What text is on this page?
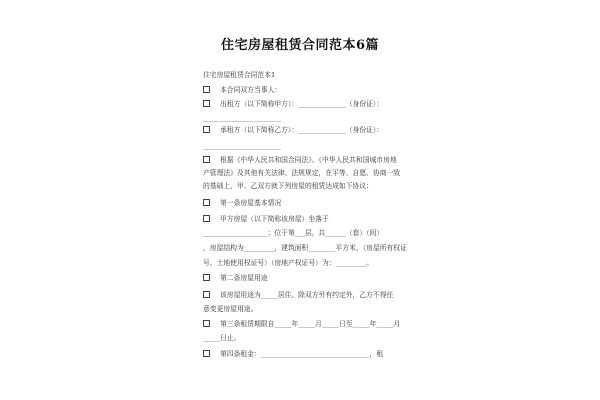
住宅房屋租赁合同范本6篇
住宅房屋租赁合同范本1
本合同双方当事人：
出租方（以下简称甲方）：______________（身份证）：
_______________________
承租方（以下简称乙方）：______________（身份证）：
_______________________
根据《中华人民共和国合同法》、《中华人民共和国城市房地
产管理法》及其他有关法律、法规规定，在平等、自愿、协商一致
的基础上，甲、乙双方就下列房屋的租赁达成如下协议：
第一条房屋基本情况
甲方房屋（以下简称该房屋）坐落于
___________________；位于第___层，共______（套）（间）
，房屋结构为_________，建筑面积________平方米，（房屋所有权证
号、土地使用权证号）（房地产权证号）为：_________。
第二条房屋用途
该房屋用途为_____居住。除双方另有约定外，乙方不得任
意变更房屋用途。
第三条租赁期限自_____年_____月_____日至_____年_____月
_____日止。
第四条租金：________________________________，租
